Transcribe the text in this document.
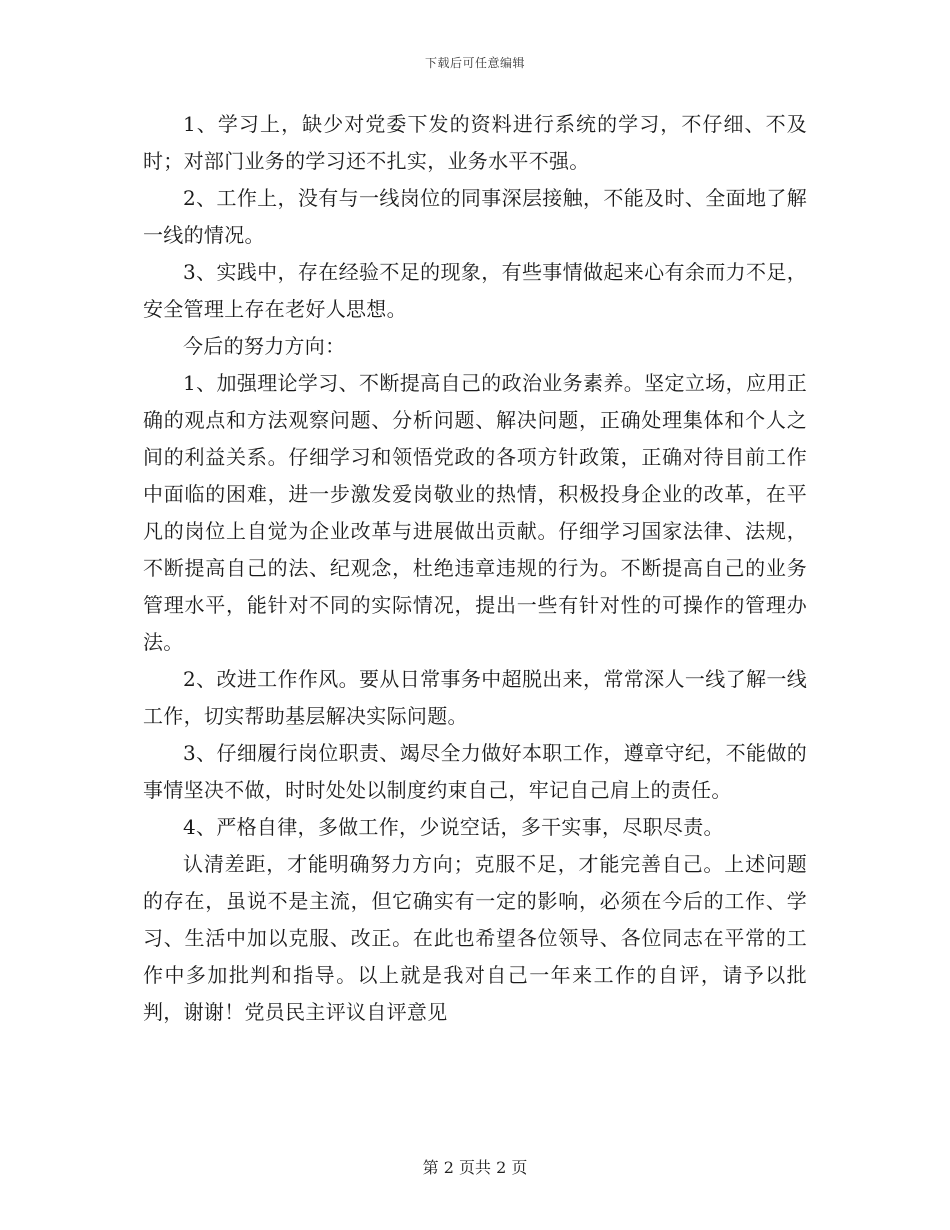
下载后可任意编辑

1、学习上，缺少对党委下发的资料进行系统的学习，不仔细、不及时；对部门业务的学习还不扎实，业务水平不强。

2、工作上，没有与一线岗位的同事深层接触，不能及时、全面地了解一线的情况。

3、实践中，存在经验不足的现象，有些事情做起来心有余而力不足，安全管理上存在老好人思想。

今后的努力方向：

1、加强理论学习、不断提高自己的政治业务素养。坚定立场，应用正确的观点和方法观察问题、分析问题、解决问题，正确处理集体和个人之间的利益关系。仔细学习和领悟党政的各项方针政策，正确对待目前工作中面临的困难，进一步激发爱岗敬业的热情，积极投身企业的改革，在平凡的岗位上自觉为企业改革与进展做出贡献。仔细学习国家法律、法规，不断提高自己的法、纪观念，杜绝违章违规的行为。不断提高自己的业务管理水平，能针对不同的实际情况，提出一些有针对性的可操作的管理办法。

2、改进工作作风。要从日常事务中超脱出来，常常深人一线了解一线工作，切实帮助基层解决实际问题。

3、仔细履行岗位职责、竭尽全力做好本职工作，遵章守纪，不能做的事情坚决不做，时时处处以制度约束自己，牢记自己肩上的责任。

4、严格自律，多做工作，少说空话，多干实事，尽职尽责。

认清差距，才能明确努力方向；克服不足，才能完善自己。上述问题的存在，虽说不是主流，但它确实有一定的影响，必须在今后的工作、学习、生活中加以克服、改正。在此也希望各位领导、各位同志在平常的工作中多加批判和指导。以上就是我对自己一年来工作的自评，请予以批判，谢谢！党员民主评议自评意见

第 2 页共 2 页
